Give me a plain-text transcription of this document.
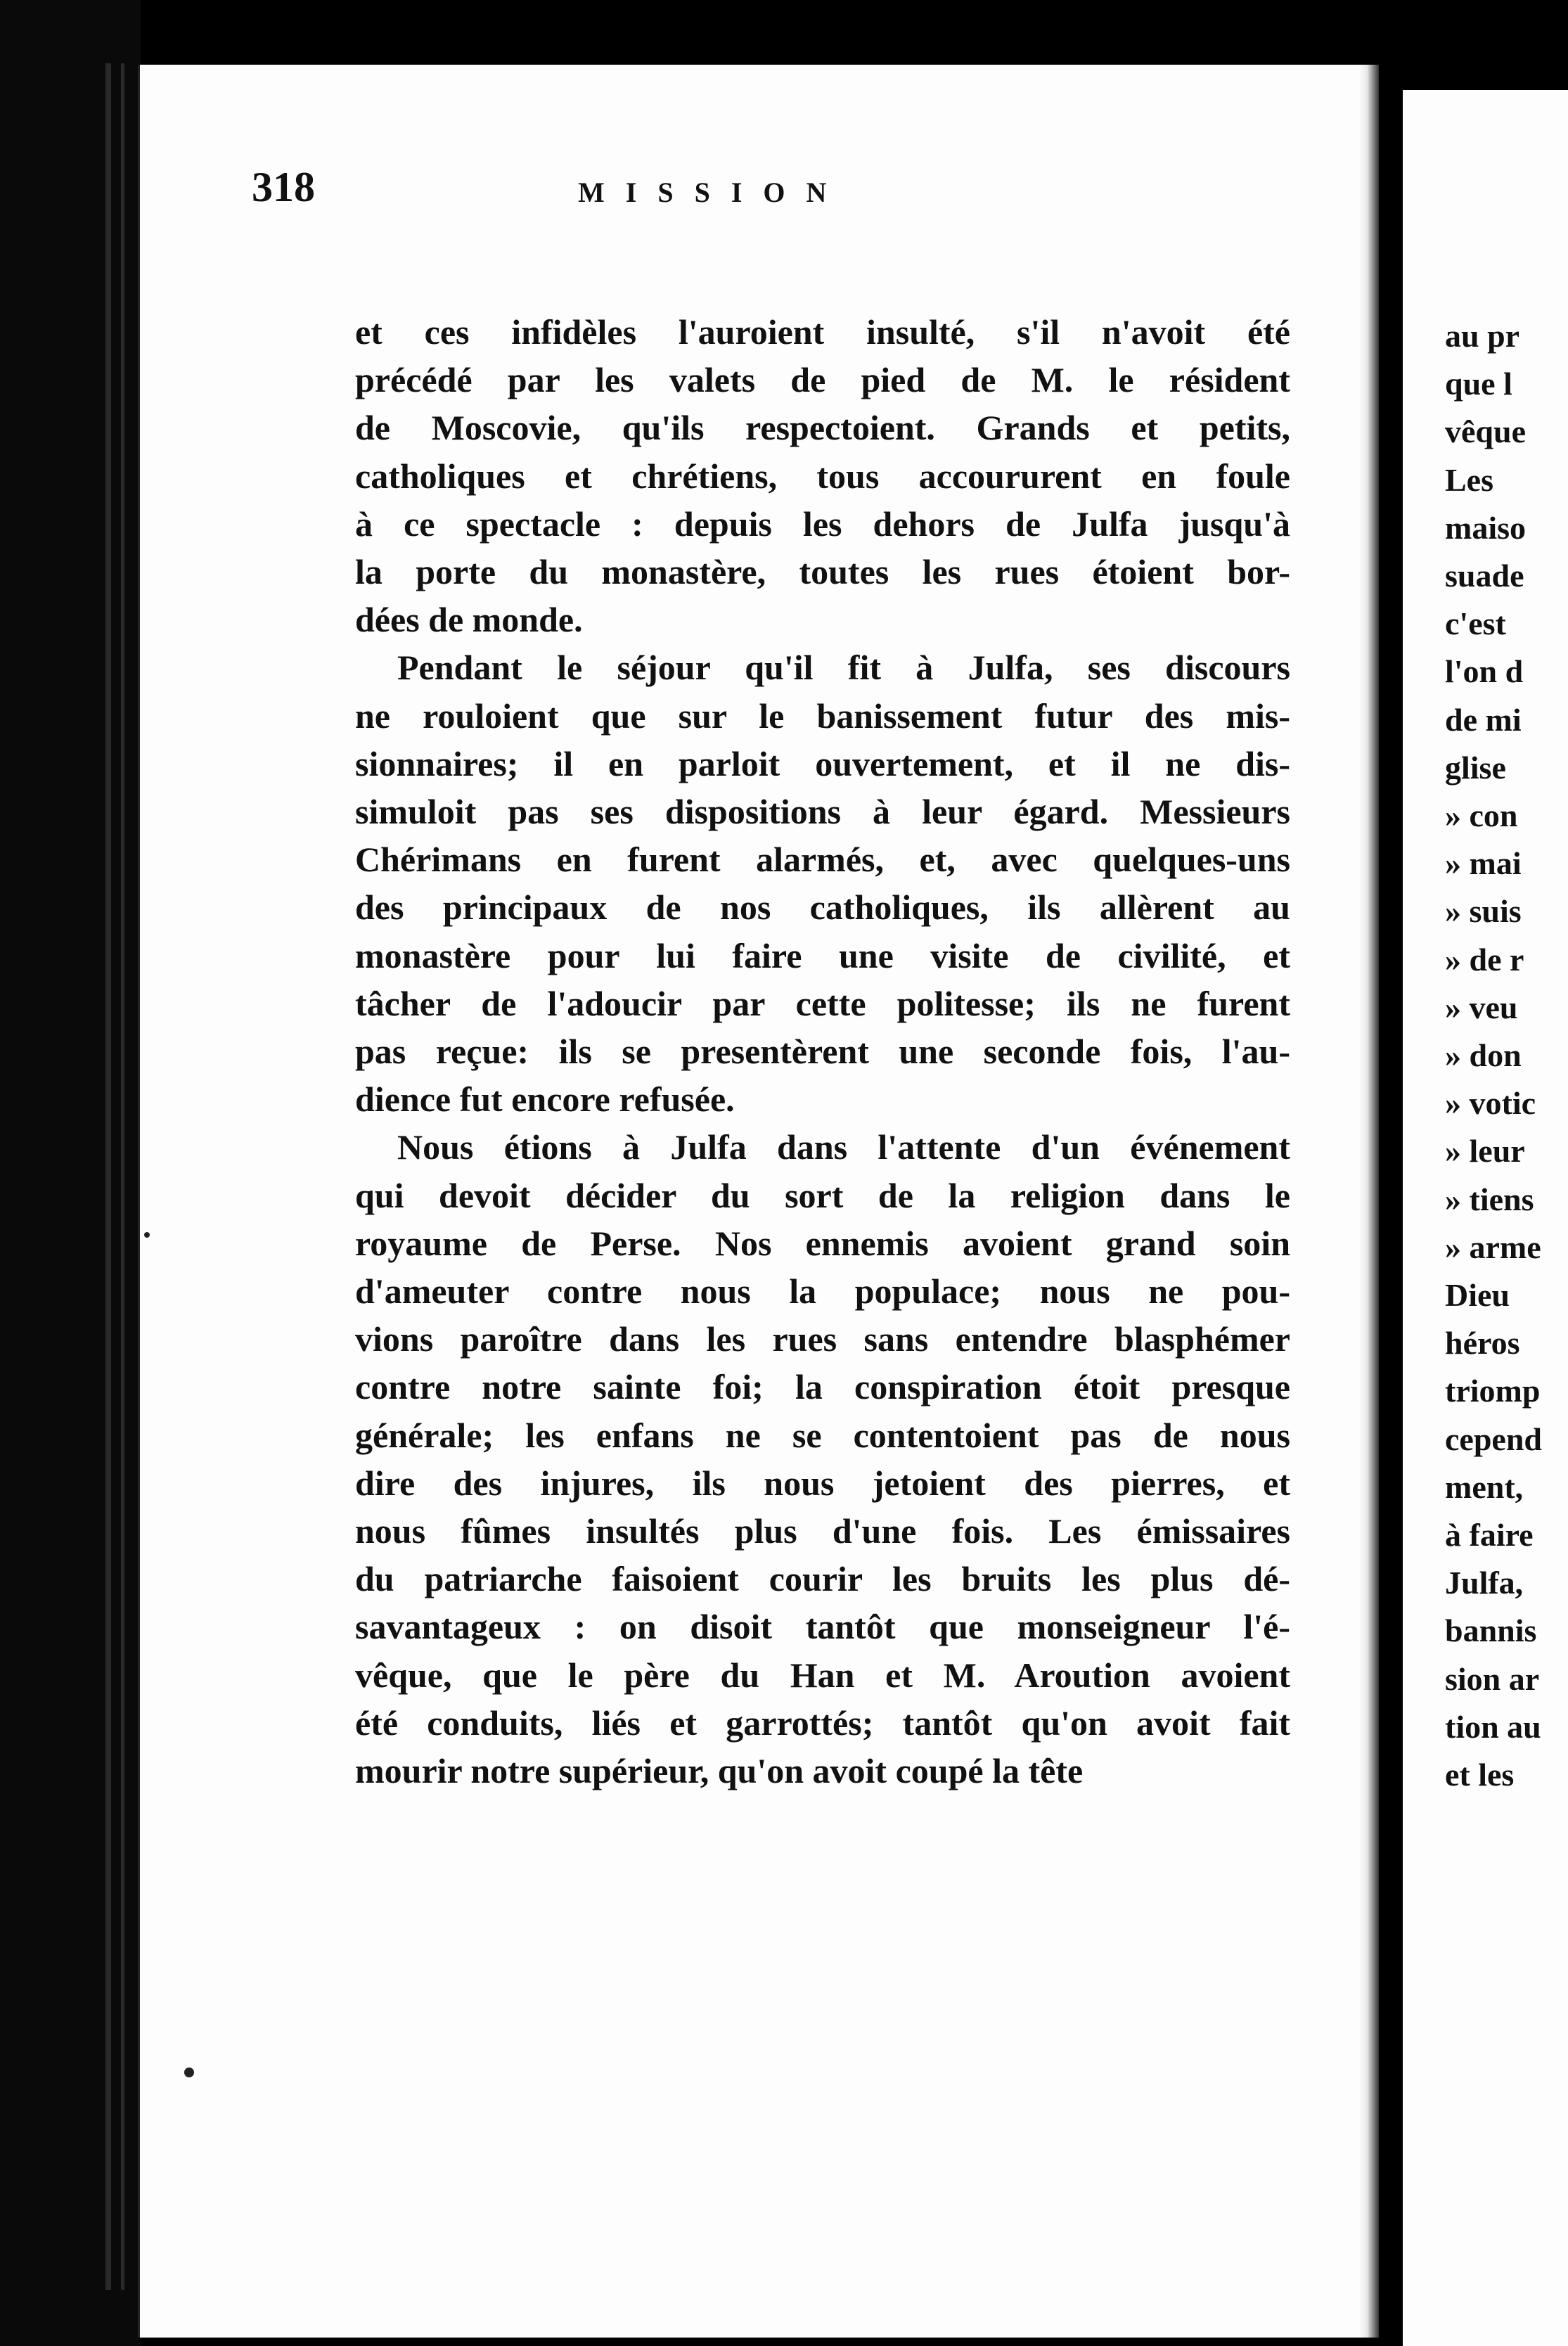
318	MISSION
et ces infidèles l'auroient insulté, s'il n'avoit été
précédé par les valets de pied de M. le résident
de Moscovie, qu'ils respectoient. Grands et petits,
catholiques et chrétiens, tous accoururent en foule
à ce spectacle : depuis les dehors de Julfa jusqu'à
la porte du monastère, toutes les rues étoient bor-
dées de monde.
Pendant le séjour qu'il fit à Julfa, ses discours
ne rouloient que sur le banissement futur des mis-
sionnaires; il en parloit ouvertement, et il ne dis-
simuloit pas ses dispositions à leur égard. Messieurs
Chérimans en furent alarmés, et, avec quelques-uns
des principaux de nos catholiques, ils allèrent au
monastère pour lui faire une visite de civilité, et
tâcher de l'adoucir par cette politesse; ils ne furent
pas reçue: ils se presentèrent une seconde fois, l'au-
dience fut encore refusée.
Nous étions à Julfa dans l'attente d'un événement
qui devoit décider du sort de la religion dans le
royaume de Perse. Nos ennemis avoient grand soin
d'ameuter contre nous la populace; nous ne pou-
vions paroître dans les rues sans entendre blasphémer
contre notre sainte foi; la conspiration étoit presque
générale; les enfans ne se contentoient pas de nous
dire des injures, ils nous jetoient des pierres, et
nous fûmes insultés plus d'une fois. Les émissaires
du patriarche faisoient courir les bruits les plus dé-
savantageux : on disoit tantôt que monseigneur l'é-
vêque, que le père du Han et M. Aroution avoient
été conduits, liés et garrottés; tantôt qu'on avoit fait
mourir notre supérieur, qu'on avoit coupé la tête
au pr
que l
vêque
Les
maiso
suade
c'est
l'on d
de mi
glise
» con
» mai
» suis
» de r
» veu
» don
» votic
» leur
» tiens
» arme
Dieu
héros
triomp
cepend
ment,
à faire
Julfa,
bannis
sion ar
tion au
et les
